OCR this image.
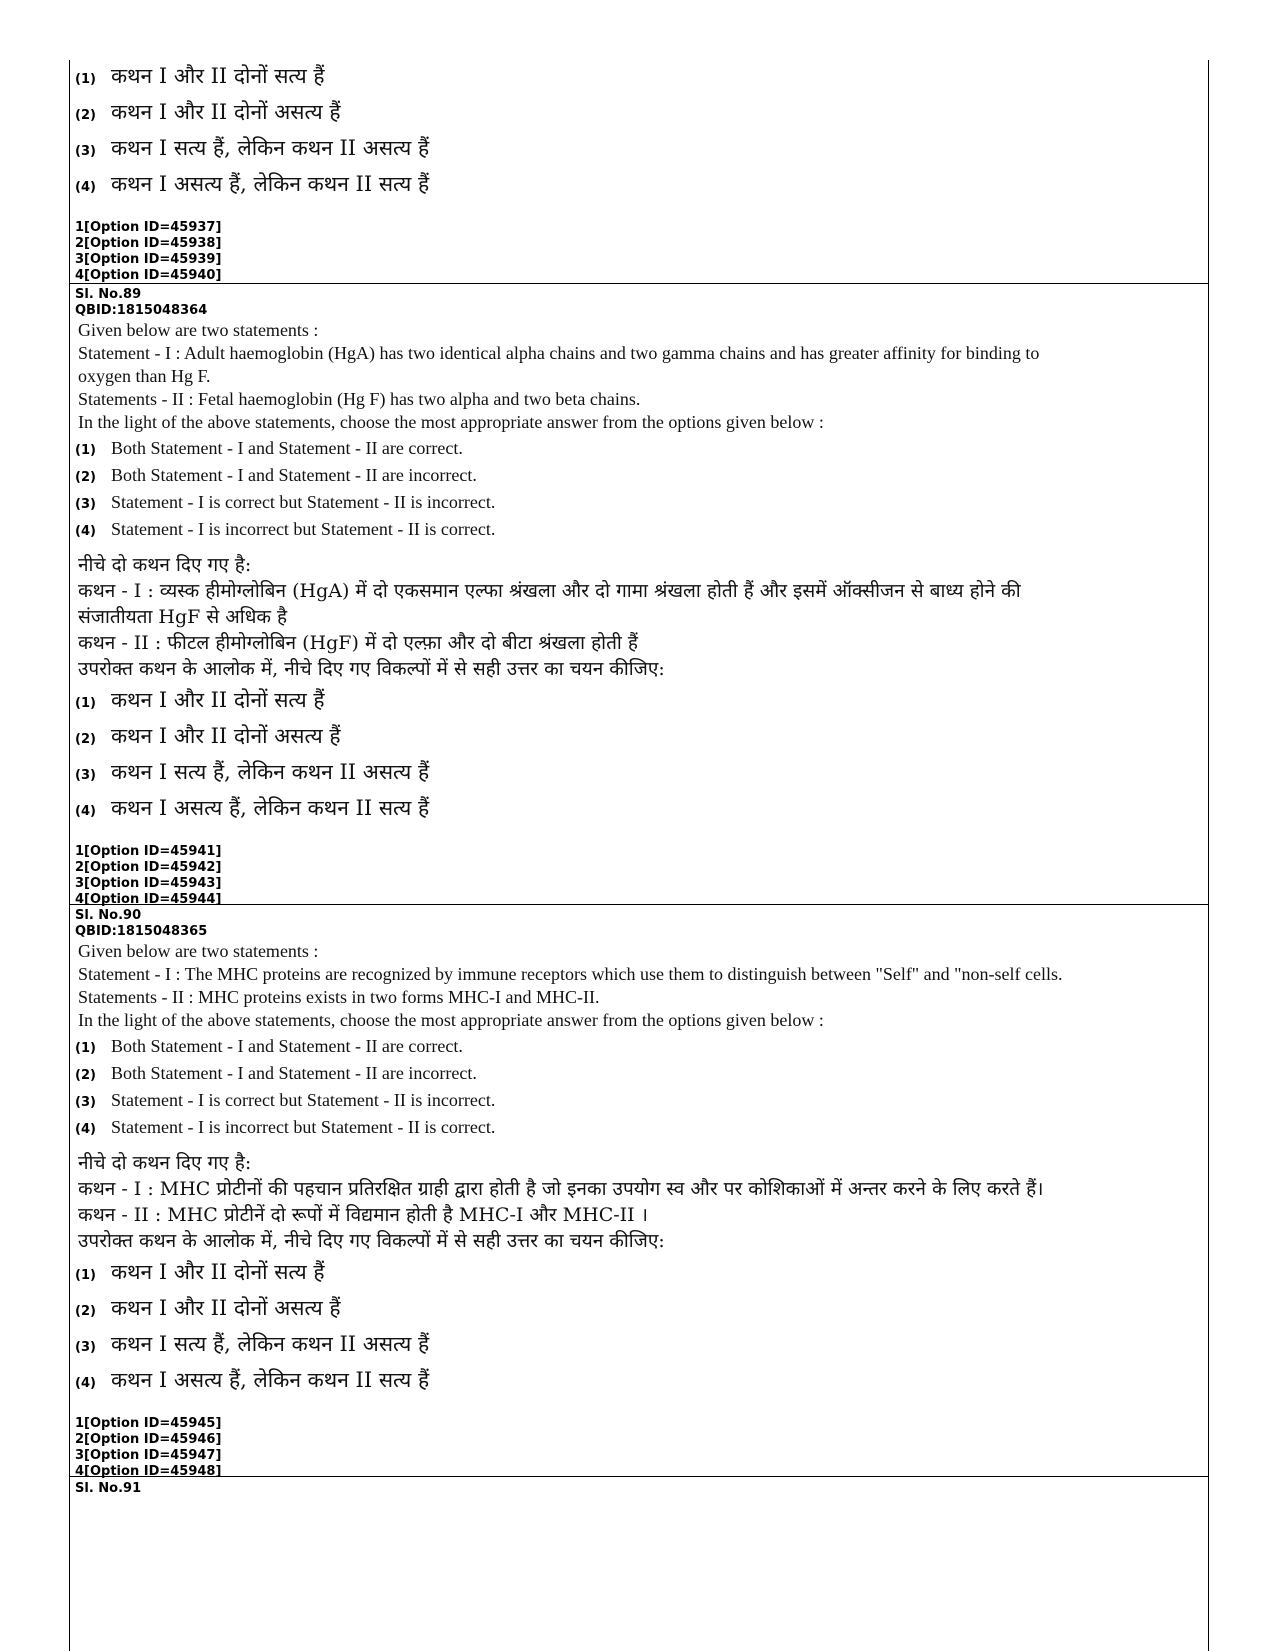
(1) कथन I और II दोनों सत्य हैं
(2) कथन I और II दोनों असत्य हैं
(3) कथन I सत्य हैं, लेकिन कथन II असत्य हैं
(4) कथन I असत्य हैं, लेकिन कथन II सत्य हैं
1[Option ID=45937]
2[Option ID=45938]
3[Option ID=45939]
4[Option ID=45940]
Sl. No.89
QBID:1815048364
Given below are two statements :
Statement - I : Adult haemoglobin (HgA) has two identical alpha chains and two gamma chains and has greater affinity for binding to
oxygen than Hg F.
Statements - II : Fetal haemoglobin (Hg F) has two alpha and two beta chains.
In the light of the above statements, choose the most appropriate answer from the options given below :
(1) Both Statement - I and Statement - II are correct.
(2) Both Statement - I and Statement - II are incorrect.
(3) Statement - I is correct but Statement - II is incorrect.
(4) Statement - I is incorrect but Statement - II is correct.
नीचे दो कथन दिए गए है:
कथन - I : व्यस्क हीमोग्लोबिन (HgA) में दो एकसमान एल्फा श्रंखला और दो गामा श्रंखला होती हैं और इसमें ऑक्सीजन से बाध्य होने की
संजातीयता HgF से अधिक है
कथन - II : फीटल हीमोग्लोबिन (HgF) में दो एल्फ़ा और दो बीटा श्रंखला होती हैं
उपरोक्त कथन के आलोक में, नीचे दिए गए विकल्पों में से सही उत्तर का चयन कीजिए:
(1) कथन I और II दोनों सत्य हैं
(2) कथन I और II दोनों असत्य हैं
(3) कथन I सत्य हैं, लेकिन कथन II असत्य हैं
(4) कथन I असत्य हैं, लेकिन कथन II सत्य हैं
1[Option ID=45941]
2[Option ID=45942]
3[Option ID=45943]
4[Option ID=45944]
Sl. No.90
QBID:1815048365
Given below are two statements :
Statement - I : The MHC proteins are recognized by immune receptors which use them to distinguish between "Self" and "non-self cells.
Statements - II : MHC proteins exists in two forms MHC-I and MHC-II.
In the light of the above statements, choose the most appropriate answer from the options given below :
(1) Both Statement - I and Statement - II are correct.
(2) Both Statement - I and Statement - II are incorrect.
(3) Statement - I is correct but Statement - II is incorrect.
(4) Statement - I is incorrect but Statement - II is correct.
नीचे दो कथन दिए गए है:
कथन - I : MHC प्रोटीनों की पहचान प्रतिरक्षित ग्राही द्वारा होती है जो इनका उपयोग स्व और पर कोशिकाओं में अन्तर करने के लिए करते हैं।
कथन - II : MHC प्रोटीनें दो रूपों में विद्यमान होती है MHC-I और MHC-II ।
उपरोक्त कथन के आलोक में, नीचे दिए गए विकल्पों में से सही उत्तर का चयन कीजिए:
(1) कथन I और II दोनों सत्य हैं
(2) कथन I और II दोनों असत्य हैं
(3) कथन I सत्य हैं, लेकिन कथन II असत्य हैं
(4) कथन I असत्य हैं, लेकिन कथन II सत्य हैं
1[Option ID=45945]
2[Option ID=45946]
3[Option ID=45947]
4[Option ID=45948]
Sl. No.91
